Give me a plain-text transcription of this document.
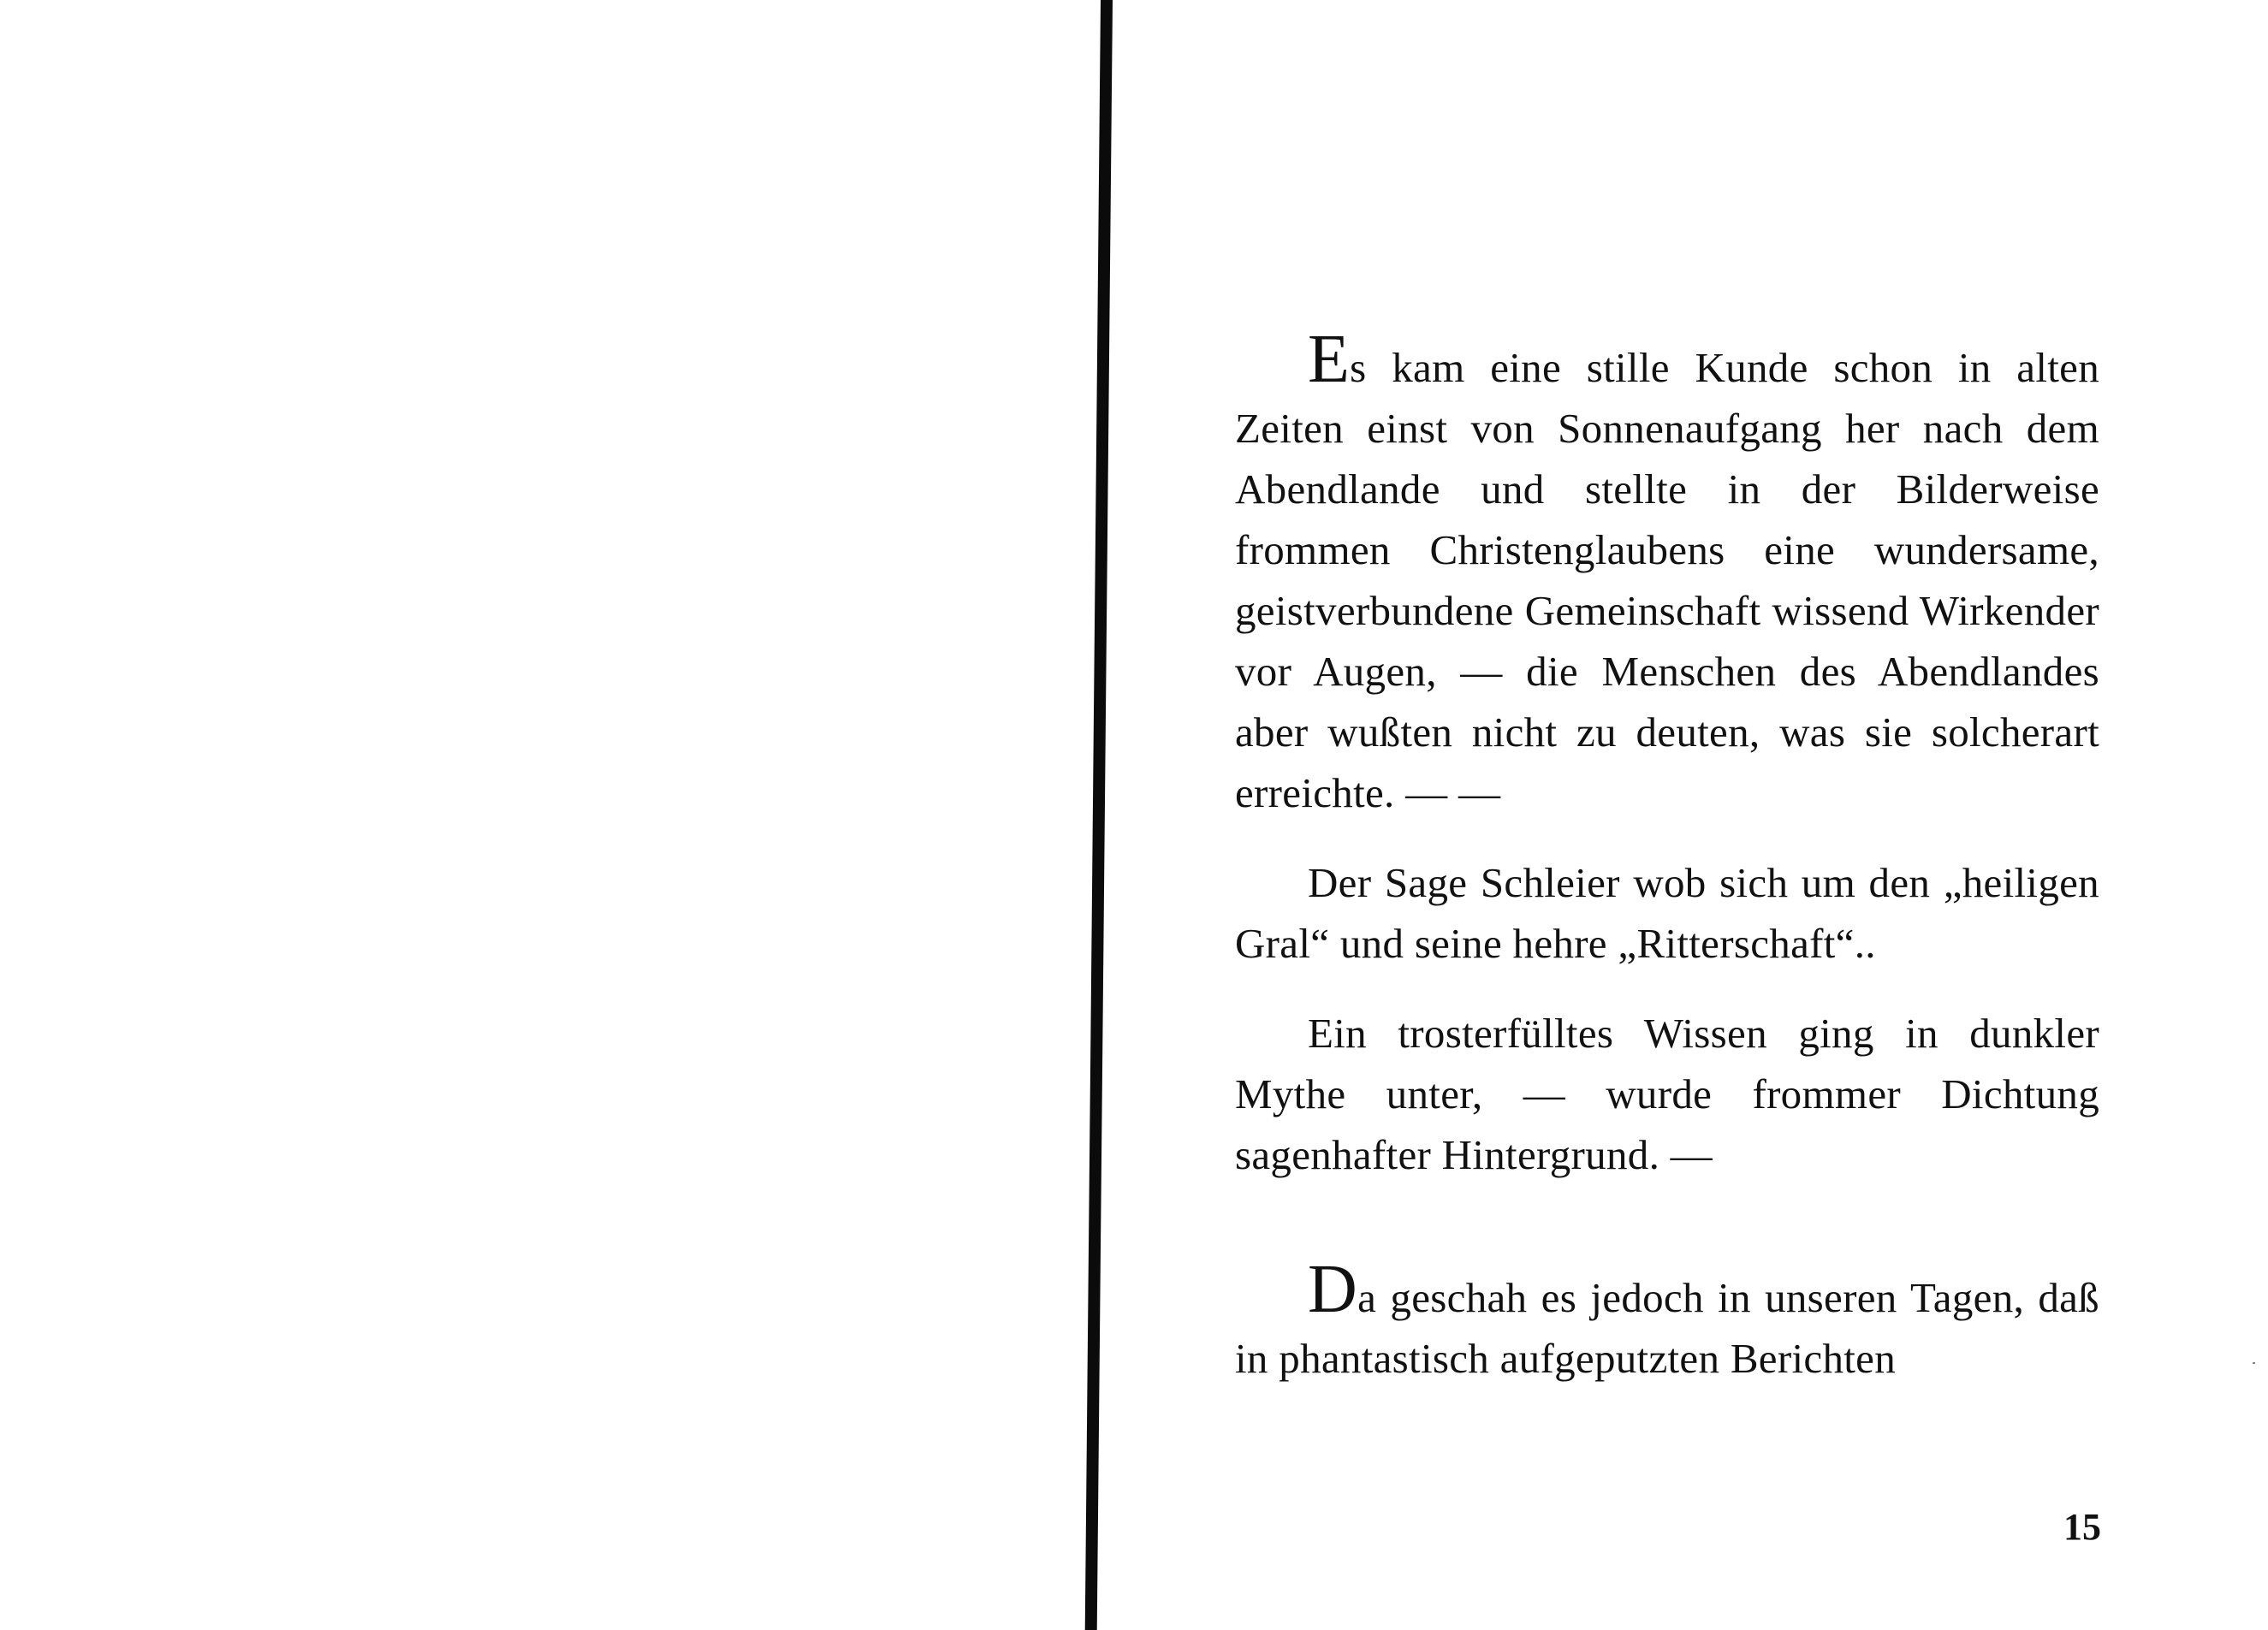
Es kam eine stille Kunde schon in alten Zeiten einst von Sonnenaufgang her nach dem Abendlande und stellte in der Bilderweise frommen Christenglaubens eine wundersame, geistverbundene Gemeinschaft wissend Wirkender vor Augen, — die Menschen des Abendlandes aber wußten nicht zu deuten, was sie solcherart erreichte. — —

Der Sage Schleier wob sich um den „heiligen Gral“ und seine hehre „Ritterschaft“..

Ein trosterfülltes Wissen ging in dunkler Mythe unter, — wurde frommer Dichtung sagenhafter Hintergrund. —

Da geschah es jedoch in unseren Tagen, daß in phantastisch aufgeputzten Berichten

15
